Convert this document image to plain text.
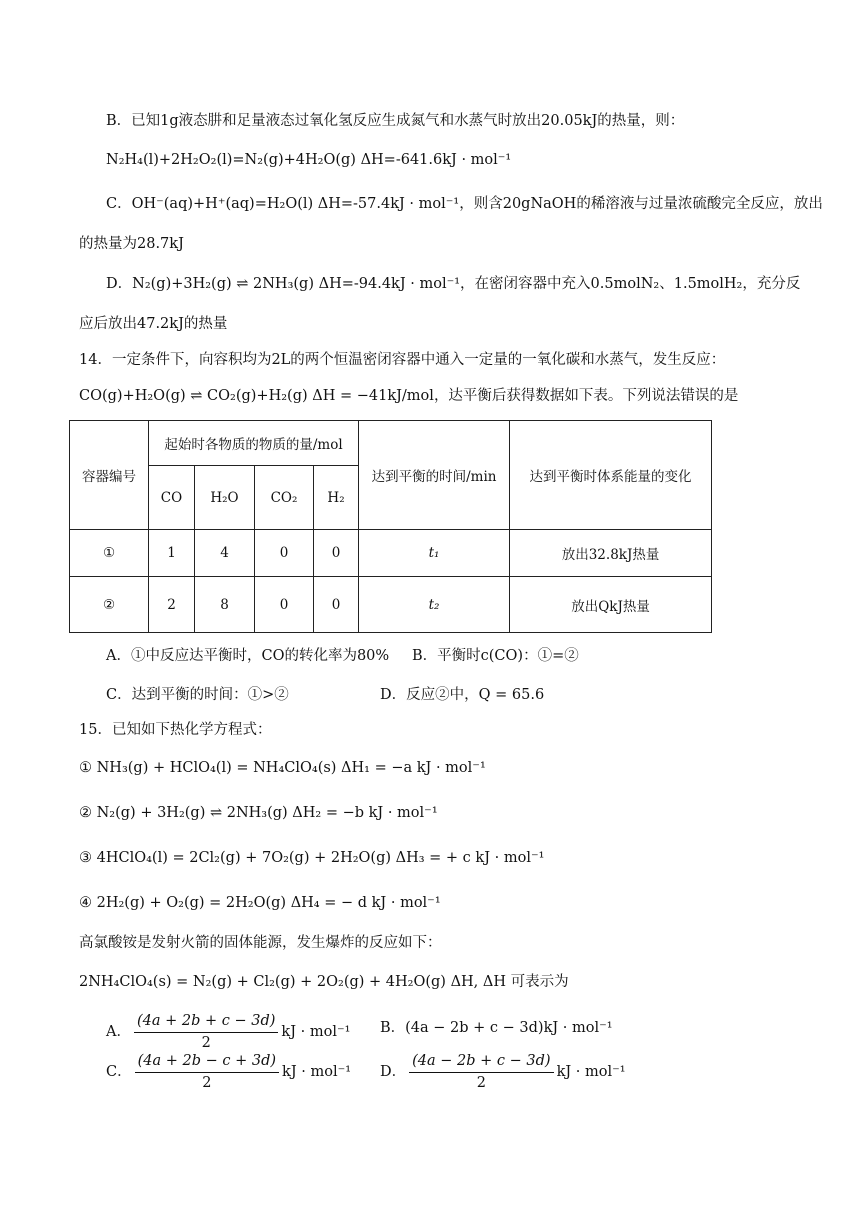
B．已知1g液态肼和足量液态过氧化氢反应生成氮气和水蒸气时放出20.05kJ的热量，则：
N₂H₄(l)+2H₂O₂(l)=N₂(g)+4H₂O(g) ΔH=-641.6kJ · mol⁻¹
C．OH⁻(aq)+H⁺(aq)=H₂O(l) ΔH=-57.4kJ · mol⁻¹，则含20gNaOH的稀溶液与过量浓硫酸完全反应，放出
的热量为28.7kJ
D．N₂(g)+3H₂(g) ⇌ 2NH₃(g) ΔH=-94.4kJ · mol⁻¹，在密闭容器中充入0.5molN₂、1.5molH₂，充分反
应后放出47.2kJ的热量
14．一定条件下，向容积均为2L的两个恒温密闭容器中通入一定量的一氧化碳和水蒸气，发生反应：
CO(g)+H₂O(g) ⇌ CO₂(g)+H₂(g) ΔH = −41kJ/mol，达平衡后获得数据如下表。下列说法错误的是
容器编号	起始时各物质的物质的量/mol				达到平衡的时间/min	达到平衡时体系能量的变化
	CO	H₂O	CO₂	H₂		
①	1	4	0	0	t₁	放出32.8kJ热量
②	2	8	0	0	t₂	放出QkJ热量
A．①中反应达平衡时，CO的转化率为80% B．平衡时c(CO)：①=②
C．达到平衡的时间：①>②	D．反应②中，Q = 65.6
15．已知如下热化学方程式：
① NH₃(g) + HClO₄(l) = NH₄ClO₄(s) ΔH₁ = −a kJ · mol⁻¹
② N₂(g) + 3H₂(g) ⇌ 2NH₃(g) ΔH₂ = −b kJ · mol⁻¹
③ 4HClO₄(l) = 2Cl₂(g) + 7O₂(g) + 2H₂O(g) ΔH₃ = + c kJ · mol⁻¹
④ 2H₂(g) + O₂(g) = 2H₂O(g) ΔH₄ = − d kJ · mol⁻¹
高氯酸铵是发射火箭的固体能源，发生爆炸的反应如下：
2NH₄ClO₄(s) = N₂(g) + Cl₂(g) + 2O₂(g) + 4H₂O(g) ΔH, ΔH 可表示为
A． $\frac{(4a + 2b + c - 3d)}{2}$ kJ · mol⁻¹ B．(4a − 2b + c − 3d)kJ · mol⁻¹
C． $\frac{(4a + 2b - c + 3d)}{2}$ kJ · mol⁻¹ D． $\frac{(4a - 2b + c - 3d)}{2}$ kJ · mol⁻¹
